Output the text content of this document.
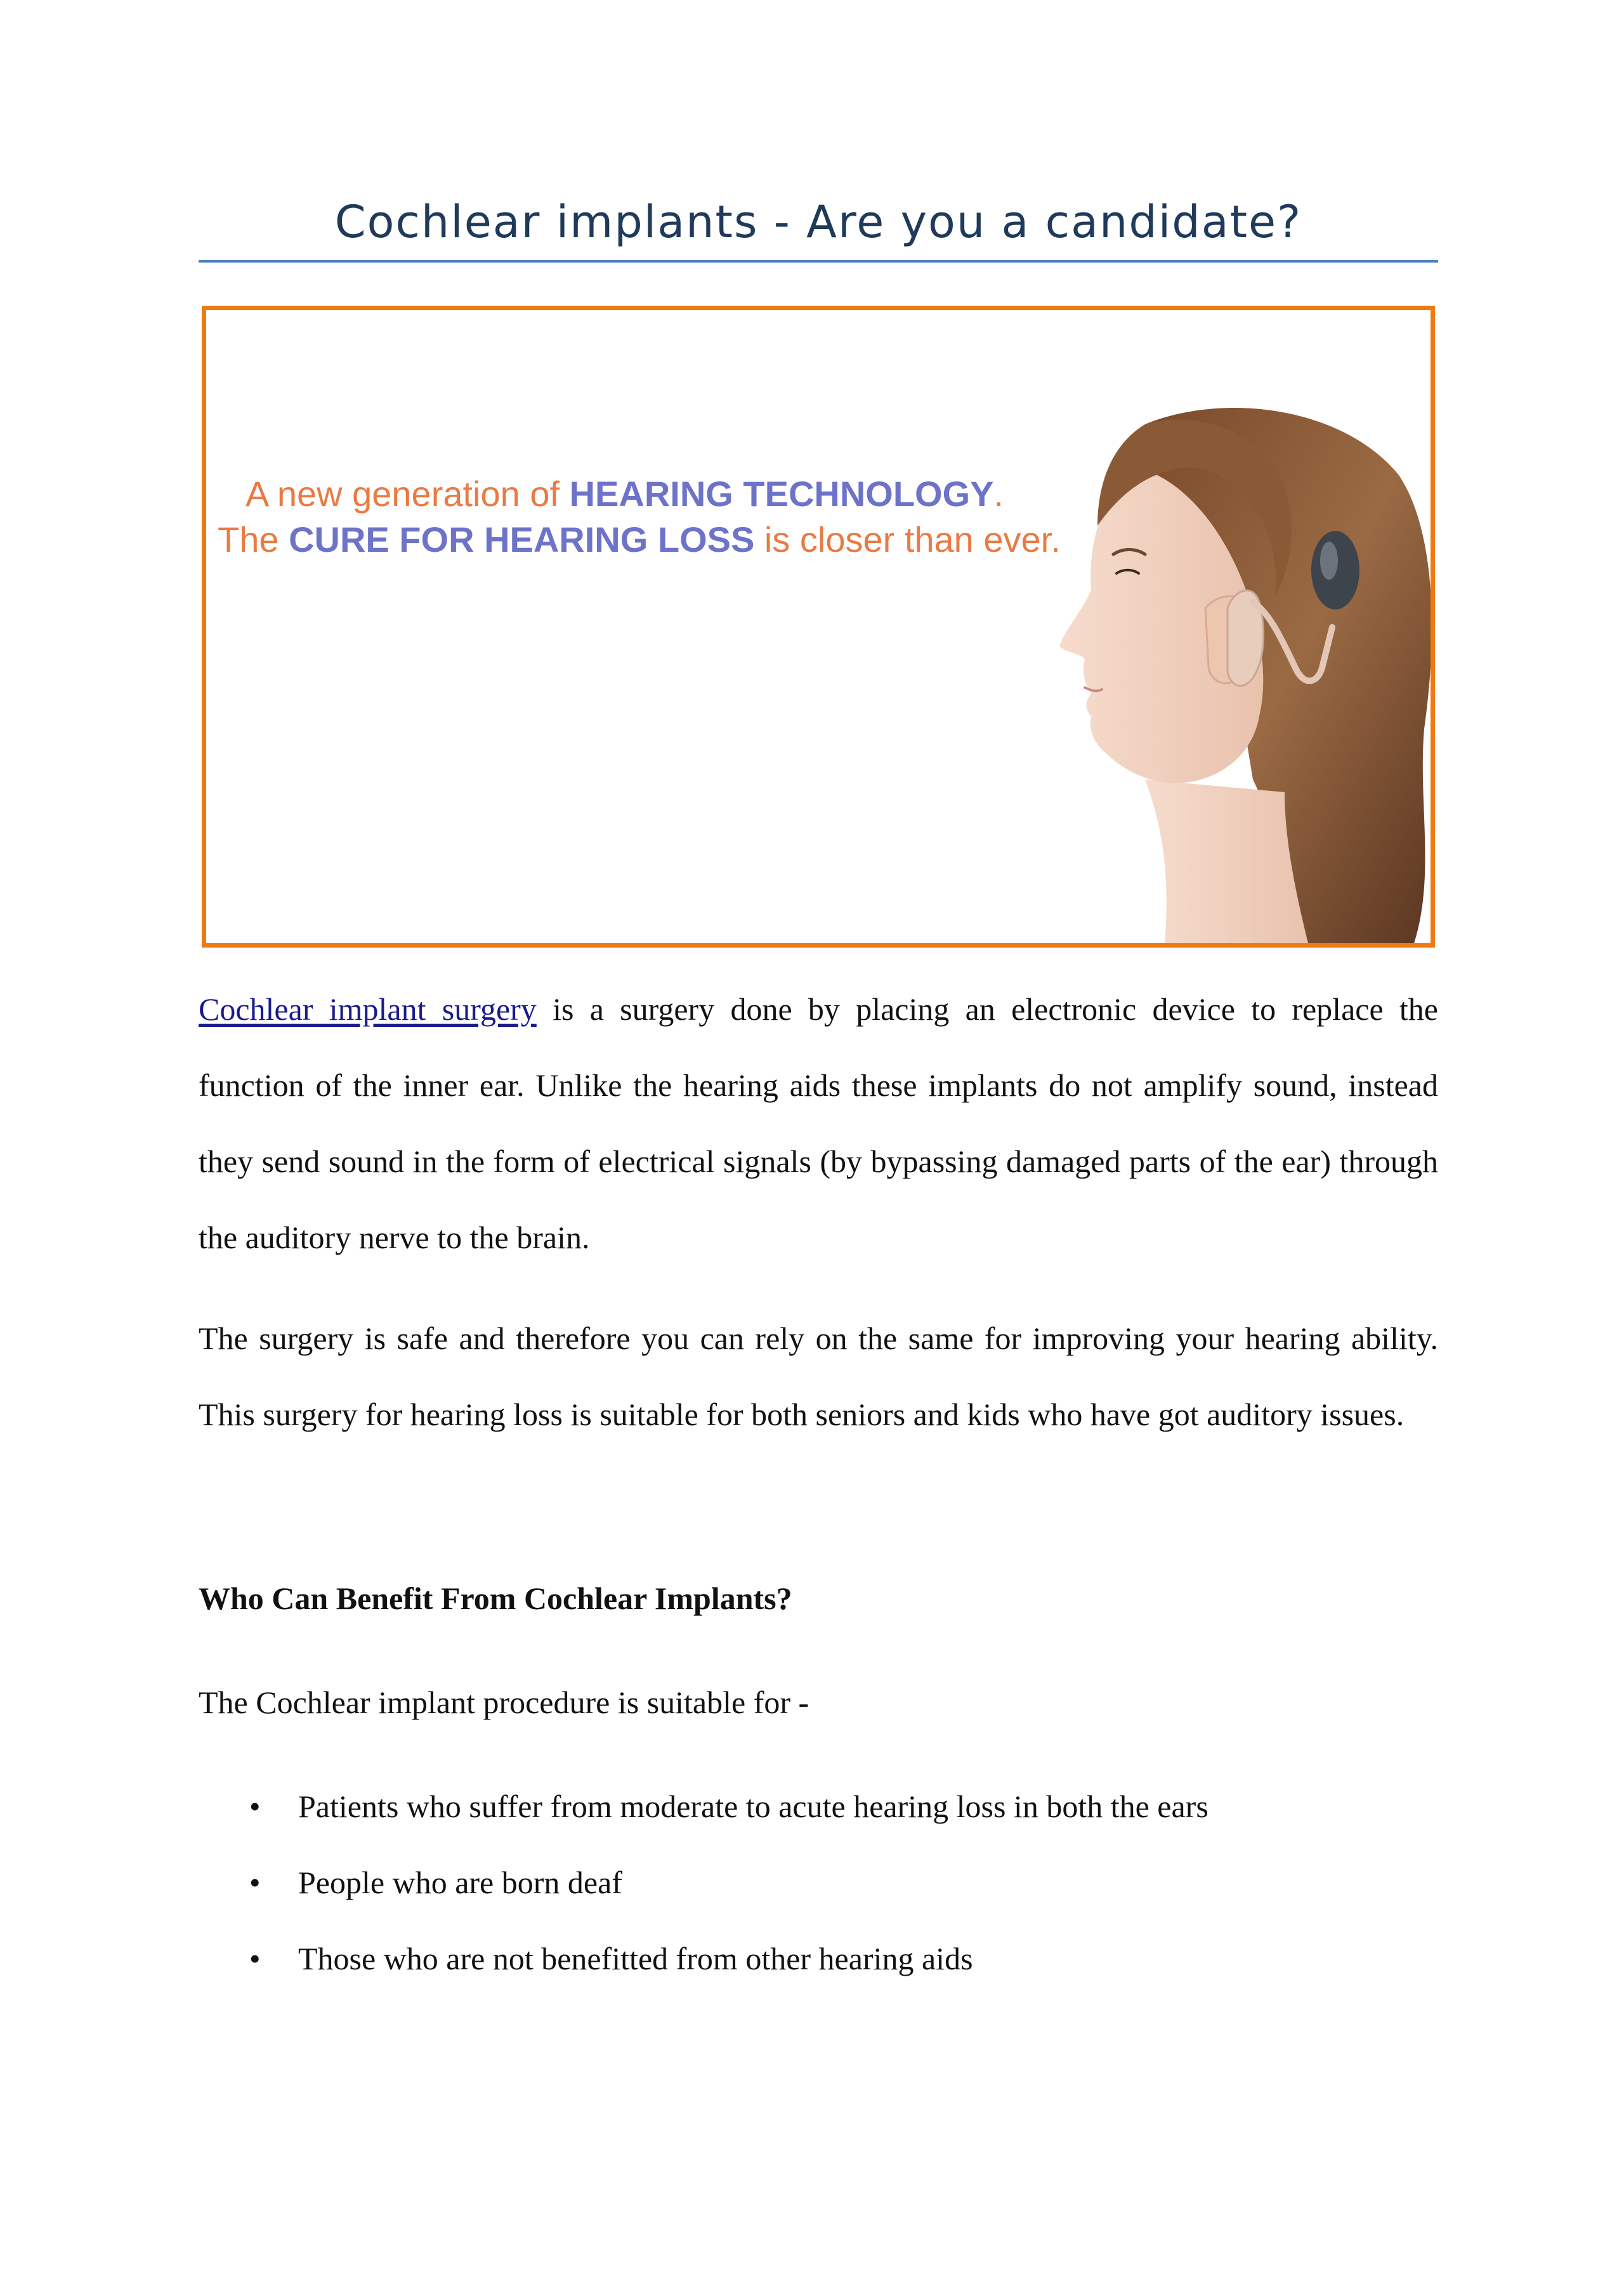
Cochlear implants - Are you a candidate?
A new generation of HEARING TECHNOLOGY.
The CURE FOR HEARING LOSS is closer than ever.

Cochlear implant surgery is a surgery done by placing an electronic device to replace the function of the inner ear. Unlike the hearing aids these implants do not amplify sound, instead they send sound in the form of electrical signals (by bypassing damaged parts of the ear) through the auditory nerve to the brain.

The surgery is safe and therefore you can rely on the same for improving your hearing ability. This surgery for hearing loss is suitable for both seniors and kids who have got auditory issues.

Who Can Benefit From Cochlear Implants?

The Cochlear implant procedure is suitable for -

• Patients who suffer from moderate to acute hearing loss in both the ears
• People who are born deaf
• Those who are not benefitted from other hearing aids
